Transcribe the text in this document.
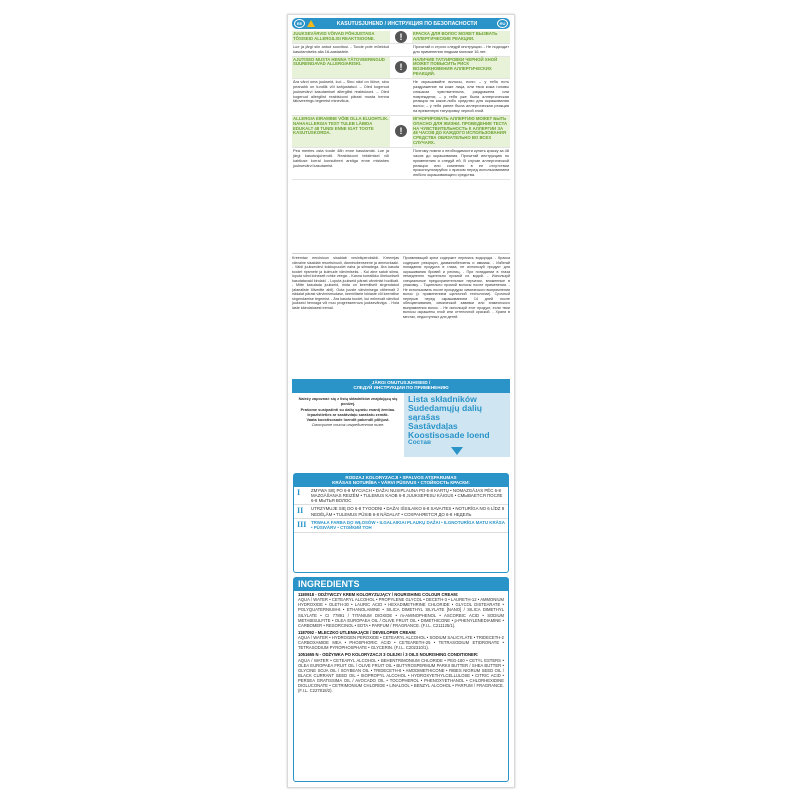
EE	KASUTUSJUHEND / ИНСТРУКЦИЯ ПО БЕЗОПАСНОСТИ	RU
JUUKSEVÄRVID VÕIVAD PÕHJUSTADA TÕSISEID ALLERGILISI REAKTSIOONE.	!	КРАСКА ДЛЯ ВОЛОС МОЖЕТ ВЫЗВАТЬ АЛЛЕРГИЧЕСКИЕ РЕАКЦИИ.
Lue ja järgi siin antud soovitusi. - Toode pole mõeldud kasutamiseks alla 16-aastastele.
Прочитай и строго следуй инструкции. - Не подходит для применения людьми моложе 16 лет.
AJUTISED MUSTA HENNA TÄTOVEERINGUD SUURENDAVAD ALLERGIARISKI.	!
НАЛИЧИЕ ТАТУИРОВКИ ЧЕРНОЙ ХНОЙ МОЖЕТ ПОВЫСИТЬ РИСК ВОЗНИКНОВЕНИЯ АЛЛЕРГИЧЕСКИХ РЕАКЦИЙ.
Ära värvi oma juukseid, kui: – Sinu näol on lööve, sinu peanahk on tundlik või kahjustatud. – Oled kogenud juuksevärvi kasutamisel allergilist reaktsiooni. – Oled kogenud allergilist reaktsiooni pärast musta henna tätoveeringu tegemist minevikus.
Не окрашивайте волосы, если: – у тебя есть раздражение на коже лица, или твоя кожа головы слишком чувствительна, раздражена или повреждена; – у тебя уже была аллергическая реакция на какое-либо средство для окрашивания волос; – у тебя ранее была аллергическая реакция на временную татуировку черной хной.
ALLERGIA EIRAMINE VÕIB OLLA ELUOHTLIK. NAHAALLERGIA TEST TULEB LÄBIDA EDUKALT 48 TUNDI ENNE IGAT TOOTE KASUTUSKORDA.	!
ИГНОРИРОВАТЬ АЛЛЕРГИЮ МОЖЕТ БЫТЬ ОПАСНО ДЛЯ ЖИЗНИ. ПРОВЕДЕНИЕ ТЕСТА НА ЧУВСТВИТЕЛЬНОСТЬ К АЛЛЕРГИИ ЗА 48 ЧАСОВ ДО КАЖДОГО ИСПОЛЬЗОВАНИЯ СРЕДСТВА ОБЯЗАТЕЛЬНО ВО ВСЕХ СЛУЧАЯХ.
Pea meeles osta toode 48h enne kasutamist. Loe ja järgi kasutusjuhendit. Reaktsiooni tekkimisel või kahtluse korral konsulteeri arstiga enne mistahes juuksevärvi kasutamist.
Поэтому помни о необходимости купить краску за 48 часов до окрашивания. Прочитай инструкцию по применению и следуй ей. В случае аллергической реакции или сомнения в ее отсутствии проконсультируйся с врачом перед использованием любого окрашивающего средства.
Kreemtav emulsioon sisaldab vesinikperoksiidi. Kreemjas värvaine sisaldab resortsinooli, diaminobenseene ja ammoniaaki. - Väldi juuksevärvi kokkupuudet naha ja silmadega. Ära kasuta toodet ripsmete ja kulmude värvimiseks. - Kui aine satub silma, loputa silmi koheselt rohke veega. - Kanna korralikku ühekordselt kasutatavaid kindaid. - Loputa juukseid pärast värvimist hoolikalt. - Mitte kasutada juukseid, mida on keemiliselt sirgendatud (alaealiste õlivedite abil). Ootа juuste värvimisega vähemalt 2 nädalat pärast värvimismudase, keemilisele loklaste või keemilise sirgendamise tegemist. - Ära kasuta toodet, kui eelnevalt värvitud juukseid hennaga või muu progresseeruva juuksevärviga. - Hoia laste käeulatusest eemal.
Проявляющий крем содержит перекись водорода. - Краска содержит резорцин, диаминобензены и аммиак. - Избегай попадания продукта в глаза, не используй продукт для окрашивания бровей и ресниц. - При попадании в глаза немедленно тщательно промой их водой. - Используй специальные предохранительные перчатки, вложенные в упаковку. - Тщательно промой волосы после применения. - Не использовать после процедуры химического выпрямления волос (с применением щелочной технологии). Срочный перерыв перед окрашиванием 14 дней после обесцвечивания, химической завивки или химического выпрямления волос. - Не используй этот продукт, если твои волосы окрашены хной или оттеночной краской. - Храни в местах, недоступных для детей.
JÄRGI ONUTUSJUHISEID /
СЛЕДУЙ ИНСТРУКЦИИ ПО ПРИМЕНЕНИЮ
Należy zapoznać się z listą składników znajdującą się poniżej.
Prašome susipažinti su dalių sąrašu esantį žemiau.
Iepazīstieties ar sastāvdaļu sarakstu zemāk.
Vaata koostisosade loendit pakendil põhjust.
Смотрите список ингредиентов ниже.
Lista składników
Sudedamųjų dalių sąrašas
Sastāvdaļas
Koostisosade loend
Состав
RODZAJ KOLORYZACJI • SPALVOS ATSPARUMAS
KRĀSAS NOTURĪBA • VÄRVI PÜSIVUS • СТОЙКОСТЬ КРАСКИ:
I	ZMYWA SIĘ PO 6-8 MYCIACH • DAŽAI NUSIPLAUNA PO 6-8 KARTŲ • NOMAZGĀJAS PĒC 6-8 MAZGĀŠANAS REIZĒM • TULEMUS KAOB 6-8 JUUKSEPESU KÄIGUS • СМЫВАЕТСЯ ПОСЛЕ 6-8 МЫТЬЯ ВОЛОС
II	UTRZYMUJE SIĘ DO 6-8 TYGODNI • DAŽAI IŠSILAIKO 6-8 SAVAITES • NOTURĪGA NO 6 LĪDZ 8 NEDĒĻĀM • TULEMUS PÜSIB 6-8 NÄDALAT • СОХРАНЯЕТСЯ ДО 6-8 НЕДЕЛЬ
III	TRWAŁA FARBA DO WŁOSÓW • ILGALAIKIAI PLAUKŲ DAŽAI • ILGNOTURĪGA MATU KRĀSA • PÜSIVÄRV • СТОЙКИЙ ТОН
INGREDIENTS
1180918 - ODŻYWCZY KREM KOLORYZUJĄCY / NOURISHING COLOUR CREAM:
AQUA / WATER • CETEARYL ALCOHOL • PROPYLENE GLYCOL • DECETH-3 • LAURETH-12 • AMMONIUM HYDROXIDE • OLETH-30 • LAURIC ACID • HEXADIMETHRINE CHLORIDE • GLYCOL DISTEARATE • POLYQUATERNIUM-6 • ETHANOLAMINE • SILICA DIMETHYL SILYLATE [NANO] / SILICA DIMETHYL SILYLATE • CI 77891 / TITANIUM DIOXIDE • m-AMINOPHENOL • ASCORBIC ACID • SODIUM METABISULFITE • OLEA EUROPAEA OIL / OLIVE FRUIT OIL • DIMETHICONE • p-PHENYLENEDIAMINE • CARBOMER • RESORCINOL • EDTA • PARFUM / FRAGRANCE. (F.I.L. C211125/1).
1187092 - MLECZKO UTLENIAJĄCE / DEVELOPER CREAM:
AQUA / WATER • HYDROGEN PEROXIDE • CETEARYL ALCOHOL • SODIUM SALICYLATE • TRIDECETH-2 CARBOXAMIDE MEA • PHOSPHORIC ACID • CETEARETH-25 • TETRASODIUM ETIDRONATE • TETRASODIUM PYROPHOSPHATE • GLYCERIN. (F.I.L. C202310/1).
1051655 N - ODŻYWKA PO KOLORYZACJI 3 OLEJKI / 3 OILS NOURISHING CONDITIONER:
AQUA / WATER • CETEARYL ALCOHOL • BEHENTRIMONIUM CHLORIDE • PEG-180 • CETYL ESTERS • OLEA EUROPAEA FRUIT OIL / OLIVE FRUIT OIL • BUTYROSPERMUM PARKII BUTTER / SHEA BUTTER • GLYCINE SOJA OIL / SOYBEAN OIL • TRIDECETH-6 • AMODIMETHICONE • RIBES NIGRUM SEED OIL / BLACK CURRANT SEED OIL • ISOPROPYL ALCOHOL • HYDROXYETHYLCELLULOSE • CITRIC ACID • PERSEA GRATISSIMA OIL / AVOCADO OIL • TOCOPHEROL • PHENOXYETHANOL • CHLORHEXIDINE DIGLUCONATE • CETRIMONIUM CHLORIDE • LINALOOL • BENZYL ALCOHOL • PARFUM / FRAGRANCE. (F.I.L. C227818/2).
